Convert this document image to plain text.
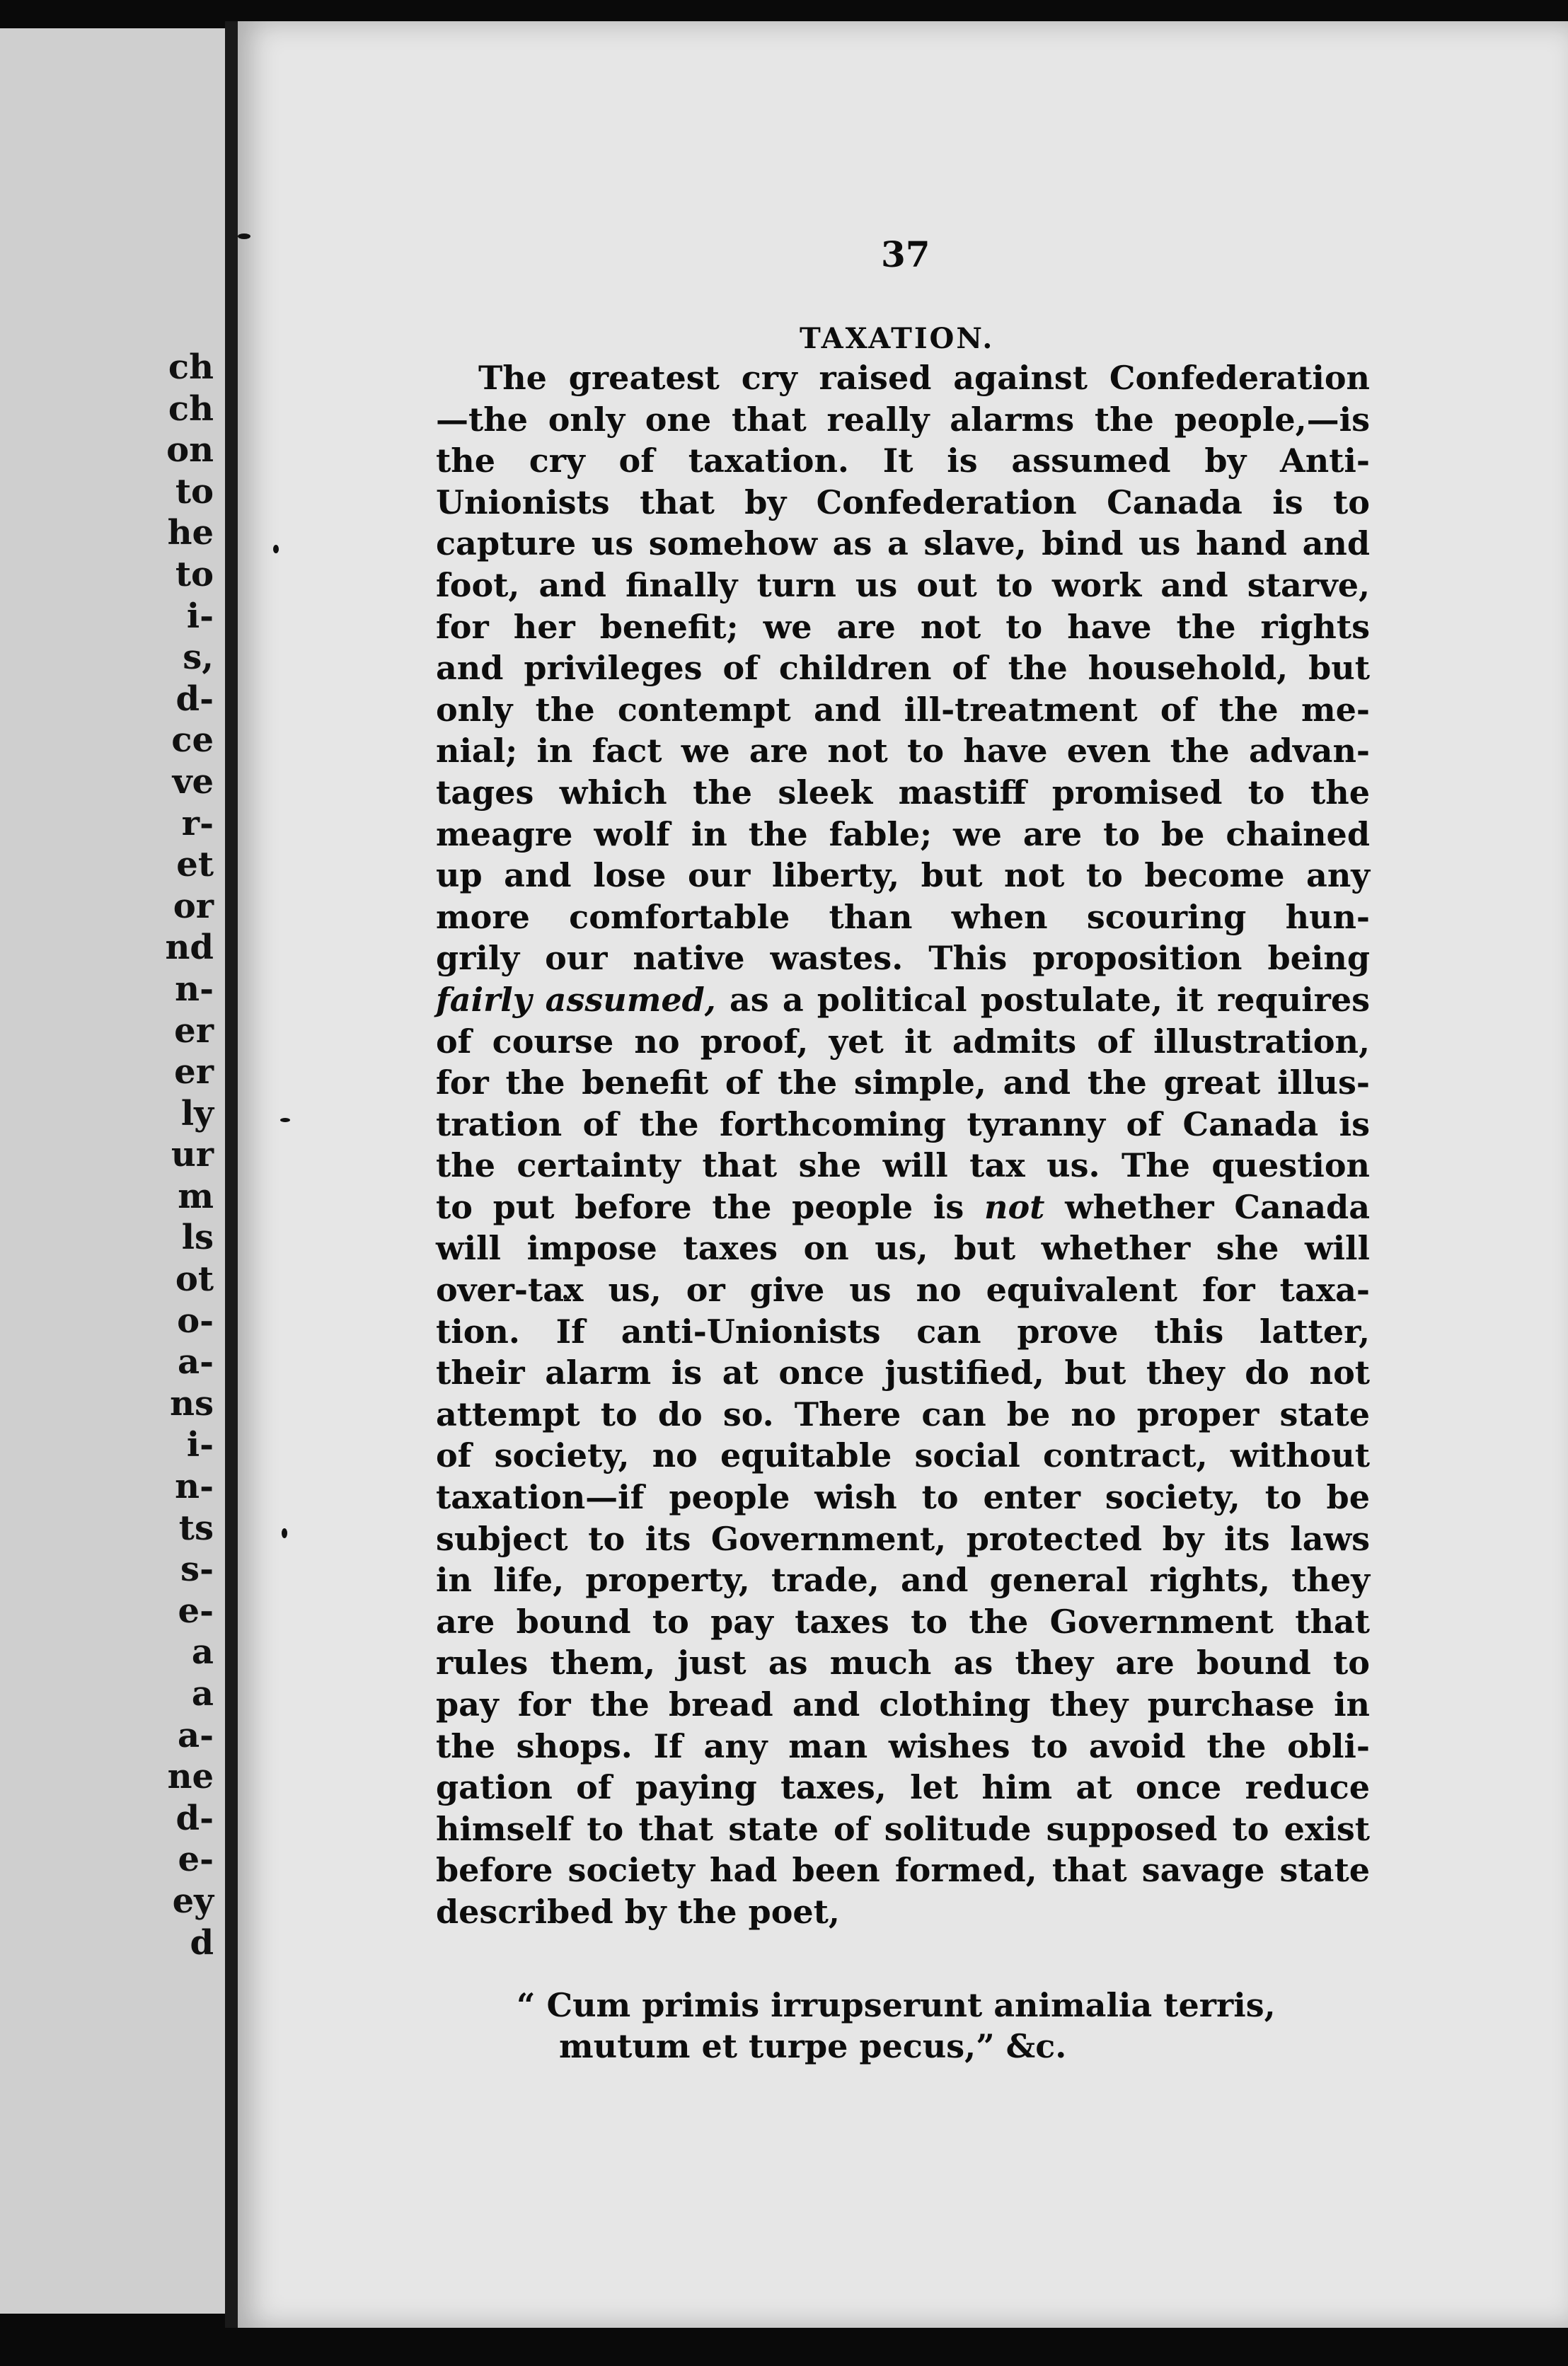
ch
ch
on
to
he
to
i-
s,
d-
ce
ve
r-
et
or
nd
n-
er
er
ly
ur
m
ls
ot
o-
a-
ns
i-
n-
ts
s-
e-
a
a
a-
ne
d-
e-
ey
d
37
TAXATION.
The greatest cry raised against Confederation
—the only one that really alarms the people,—is
the cry of taxation. It is assumed by Anti-
Unionists that by Confederation Canada is to
capture us somehow as a slave, bind us hand and
foot, and finally turn us out to work and starve,
for her benefit; we are not to have the rights
and privileges of children of the household, but
only the contempt and ill-treatment of the me-
nial; in fact we are not to have even the advan-
tages which the sleek mastiff promised to the
meagre wolf in the fable; we are to be chained
up and lose our liberty, but not to become any
more comfortable than when scouring hun-
grily our native wastes. This proposition being
fairly assumed, as a political postulate, it requires
of course no proof, yet it admits of illustration,
for the benefit of the simple, and the great illus-
tration of the forthcoming tyranny of Canada is
the certainty that she will tax us. The question
to put before the people is not whether Canada
will impose taxes on us, but whether she will
over-tax us, or give us no equivalent for taxa-
tion. If anti-Unionists can prove this latter,
their alarm is at once justified, but they do not
attempt to do so. There can be no proper state
of society, no equitable social contract, without
taxation—if people wish to enter society, to be
subject to its Government, protected by its laws
in life, property, trade, and general rights, they
are bound to pay taxes to the Government that
rules them, just as much as they are bound to
pay for the bread and clothing they purchase in
the shops. If any man wishes to avoid the obli-
gation of paying taxes, let him at once reduce
himself to that state of solitude supposed to exist
before society had been formed, that savage state
described by the poet,
“ Cum primis irrupserunt animalia terris,
mutum et turpe pecus,” &c.
